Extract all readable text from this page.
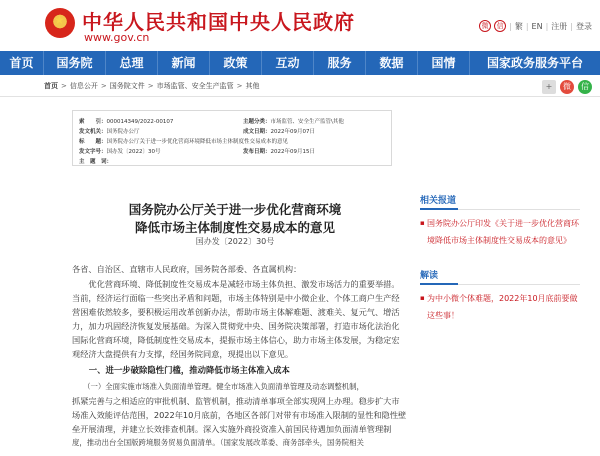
★
中华人民共和国中央人民政府
www.gov.cn
微	信 | 繁 | EN | 注册 | 登录
首页	国务院	总理	新闻	政策	互动	服务	数据	国情	国家政务服务平台
首页 > 信息公开 > 国务院文件 > 市场监管、安全生产监管 > 其他	+	微	信
索　　引：000014349/2022-00107	主题分类：市场监管、安全生产监管\其他
发文机关：国务院办公厅	成文日期：2022年09月07日
标　　题：国务院办公厅关于进一步优化营商环境降低市场主体制度性交易成本的意见
发文字号：国办发〔2022〕30号	发布日期：2022年09月15日
主　题　词：
国务院办公厅关于进一步优化营商环境
降低市场主体制度性交易成本的意见
国办发〔2022〕30号
各省、自治区、直辖市人民政府，国务院各部委、各直属机构：
　　优化营商环境、降低制度性交易成本是减轻市场主体负担、激发市场活力的重要举措。
当前，经济运行面临一些突出矛盾和问题，市场主体特别是中小微企业、个体工商户生产经
营困难依然较多，要积极运用改革创新办法，帮助市场主体解难题、渡难关、复元气、增活
力，加力巩固经济恢复发展基础。为深入贯彻党中央、国务院决策部署，打造市场化法治化
国际化营商环境，降低制度性交易成本，提振市场主体信心，助力市场主体发展，为稳定宏
观经济大盘提供有力支撑，经国务院同意，现提出以下意见。
　　一、进一步破除隐性门槛，推动降低市场主体准入成本
　　（一）全面实施市场准入负面清单管理。健全市场准入负面清单管理及动态调整机制，
抓紧完善与之相适应的审批机制、监管机制，推动清单事项全部实现网上办理。稳步扩大市
场准入效能评估范围，2022年10月底前，各地区各部门对带有市场准入限制的显性和隐性壁
垒开展清理，并建立长效排查机制。深入实施外商投资准入前国民待遇加负面清单管理制
度，推动出台全国版跨境服务贸易负面清单。（国家发展改革委、商务部牵头，国务院相关
相关报道
▪ 国务院办公厅印发《关于进一步优化营商环境降低市场主体制度性交易成本的意见》
解读
▪ 为中小微个体难题，2022年10月底前要做这些事！
